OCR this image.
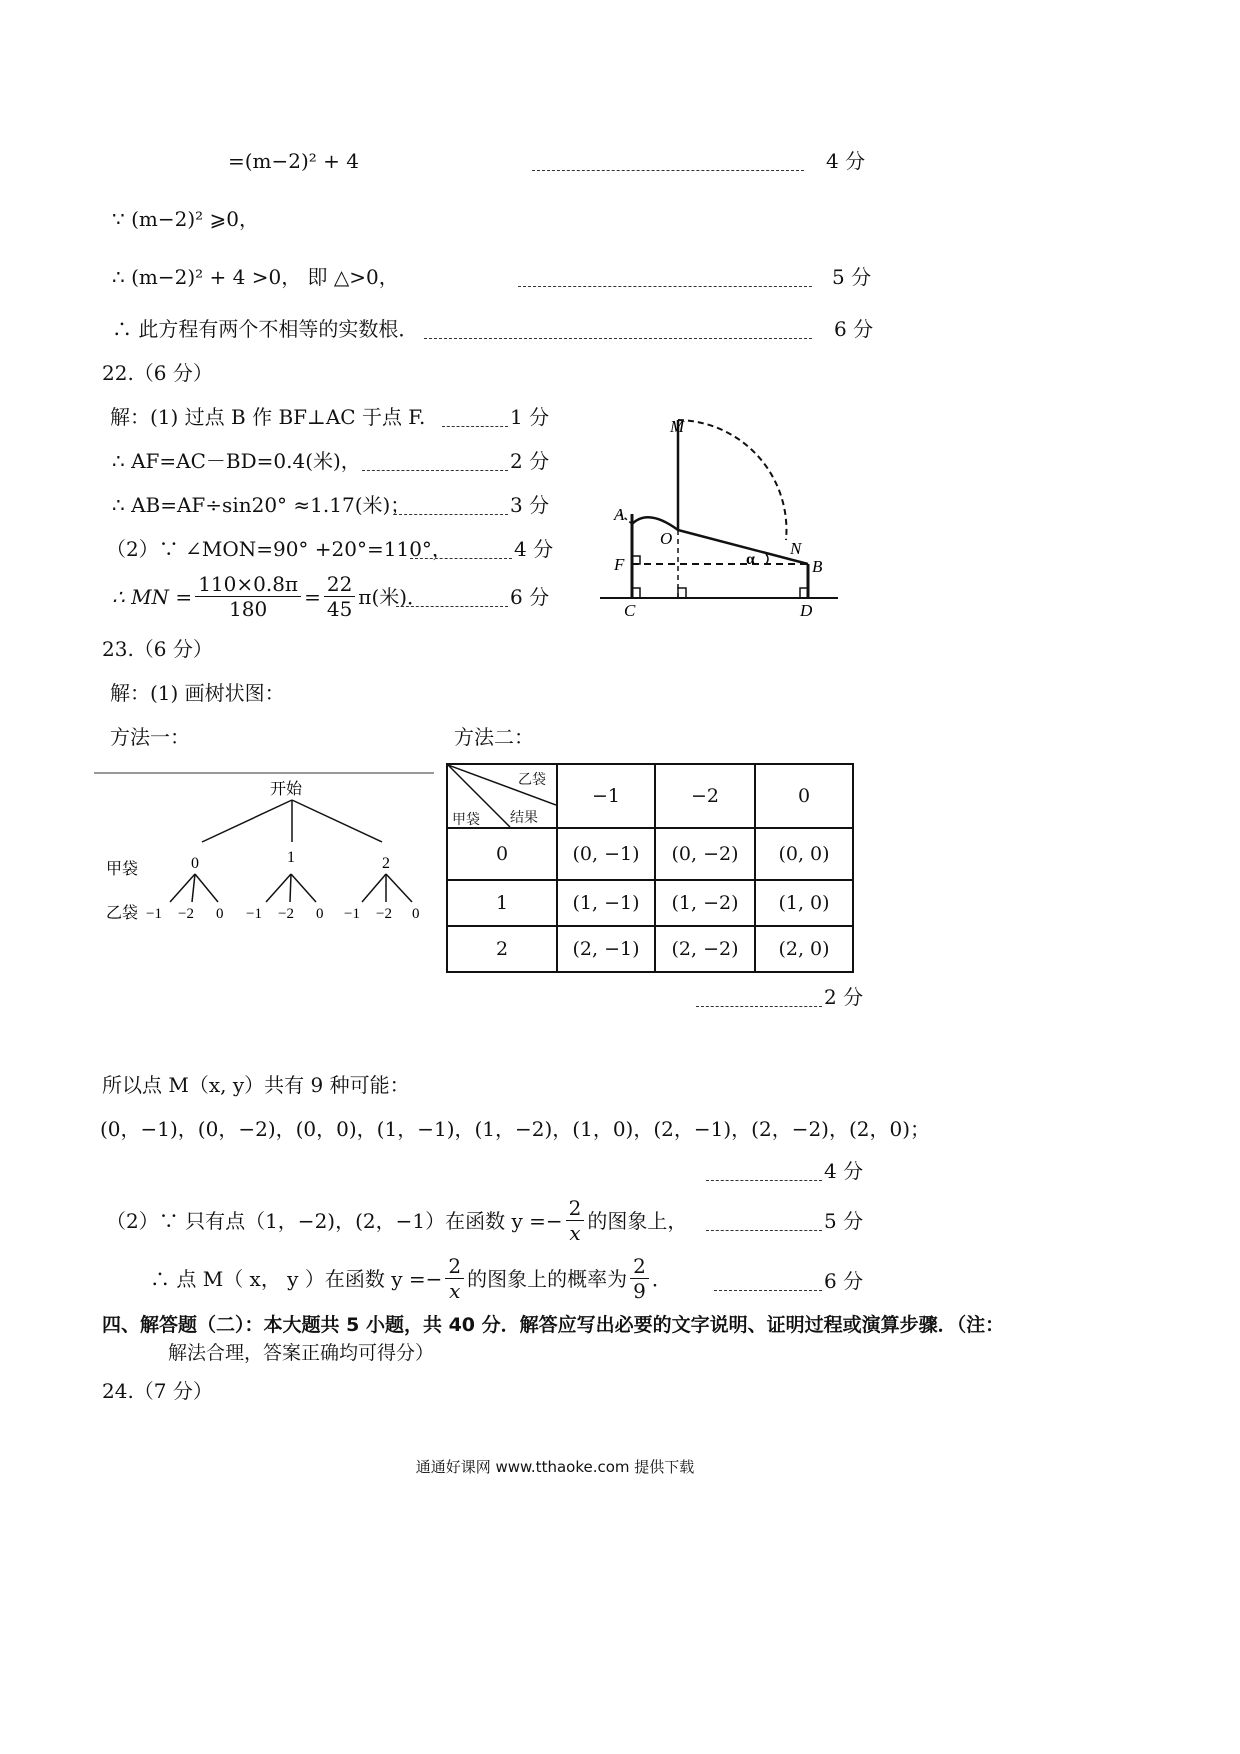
=(m−2)² + 4	4 分
∵ (m−2)² ⩾0，
∴ (m−2)² + 4 >0， 即 △>0，	5 分
∴ 此方程有两个不相等的实数根．	6 分
22.（6 分）
解：(1) 过点 B 作 BF⊥AC 于点 F.	1 分
∴ AF=AC－BD=0.4(米)，	2 分
∴ AB=AF÷sin20° ≈1.17(米)；	3 分
（2）∵ ∠MON=90° +20°=110°，	4 分
∴ MN = $\frac{110\times 0.8\pi}{180} = \frac{22}{45} \pi$(米)．	6 分
M
A
O
N
F	B
C	D
α
23.（6 分）
解：(1) 画树状图：
方法一：	方法二：
开始
甲袋
乙袋
0	1	2
−1 −2 0 −1 −2 0 −1 −2 0
乙袋
结果
甲袋	−1	−2	0
0	(0, −1)	(0, −2)	(0, 0)
1	(1, −1)	(1, −2)	(1, 0)
2	(2, −1)	(2, −2)	(2, 0)
2 分
所以点 M（x, y）共有 9 种可能：
(0，−1)，(0，−2)，(0，0)，(1，−1)，(1，−2)，(1，0)，(2，−1)，(2，−2)，(2，0)；
4 分
（2）∵ 只有点（1，−2)，(2，−1）在函数 $y =- \frac{2}{x}$ 的图象上，	5 分
∴ 点 M（ x， y ）在函数 $y =- \frac{2}{x}$ 的图象上的概率为 $\frac{2}{9}$ ．	6 分
四、解答题（二）：本大题共 5 小题，共 40 分．解答应写出必要的文字说明、证明过程或演算步骤．（注：
解法合理，答案正确均可得分）
24.（7 分）
通通好课网 www.tthaoke.com 提供下载
